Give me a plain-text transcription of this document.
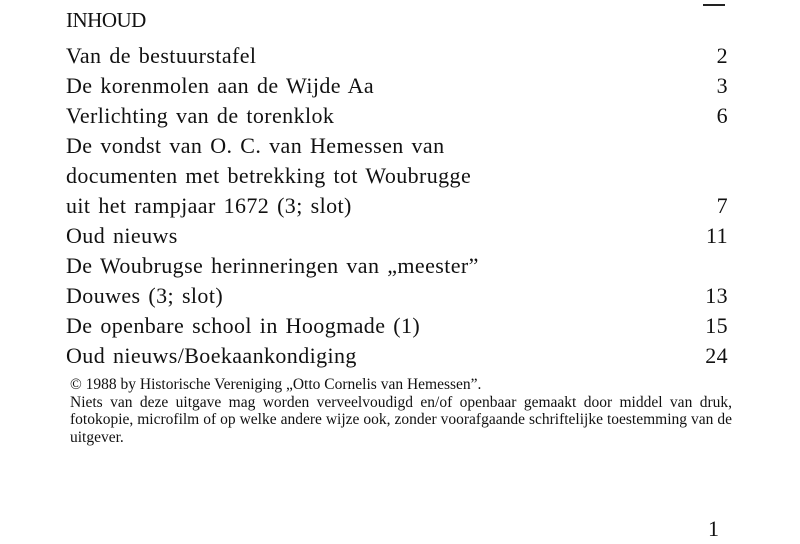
INHOUD
Van de bestuurstafel	2
De korenmolen aan de Wijde Aa	3
Verlichting van de torenklok	6
De vondst van O. C. van Hemessen van
documenten met betrekking tot Woubrugge
uit het rampjaar 1672 (3; slot)	7
Oud nieuws	11
De Woubrugse herinneringen van „meester”
Douwes (3; slot)	13
De openbare school in Hoogmade (1)	15
Oud nieuws/Boekaankondiging	24

© 1988 by Historische Vereniging „Otto Cornelis van Hemessen”.

Niets van deze uitgave mag worden verveelvoudigd en/of openbaar gemaakt door middel van druk, fotokopie, microfilm of op welke andere wijze ook, zonder voorafgaande schriftelijke toestemming van de uitgever.

1
